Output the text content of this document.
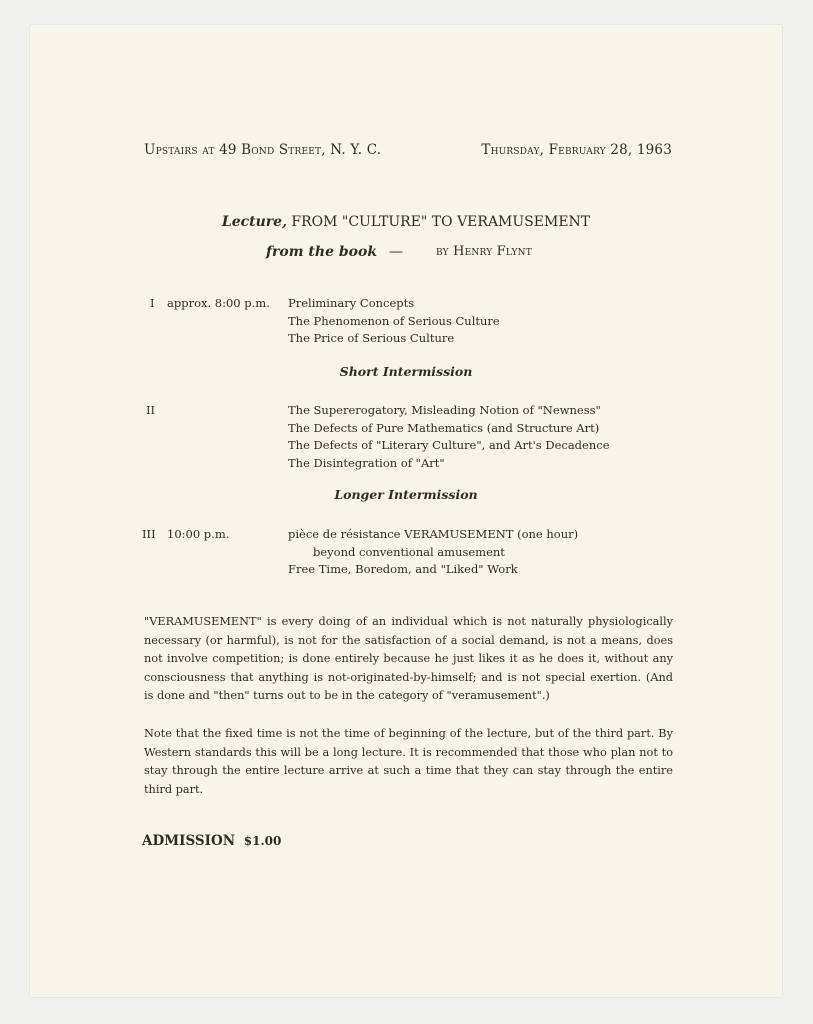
Upstairs at 49 Bond Street, N. Y. C.	Thursday, February 28, 1963
Lecture, FROM "CULTURE" TO VERAMUSEMENT
from the book —	by Henry Flynt
I approx. 8:00 p.m. Preliminary Concepts
The Phenomenon of Serious Culture
The Price of Serious Culture
Short Intermission
II	The Supererogatory, Misleading Notion of "Newness"
The Defects of Pure Mathematics (and Structure Art)
The Defects of "Literary Culture", and Art's Decadence
The Disintegration of "Art"
Longer Intermission
III 10:00 p.m.	pièce de résistance VERAMUSEMENT (one hour)
beyond conventional amusement
Free Time, Boredom, and "Liked" Work
"VERAMUSEMENT" is every doing of an individual which is not naturally physiologically necessary (or harmful), is not for the satisfaction of a social demand, is not a means, does not involve competition; is done entirely because he just likes it as he does it, without any consciousness that anything is not-originated-by-himself; and is not special exertion. (And is done and "then" turns out to be in the category of "veramusement".)
Note that the fixed time is not the time of beginning of the lecture, but of the third part. By Western standards this will be a long lecture. It is recommended that those who plan not to stay through the entire lecture arrive at such a time that they can stay through the entire third part.
ADMISSION $1.00
